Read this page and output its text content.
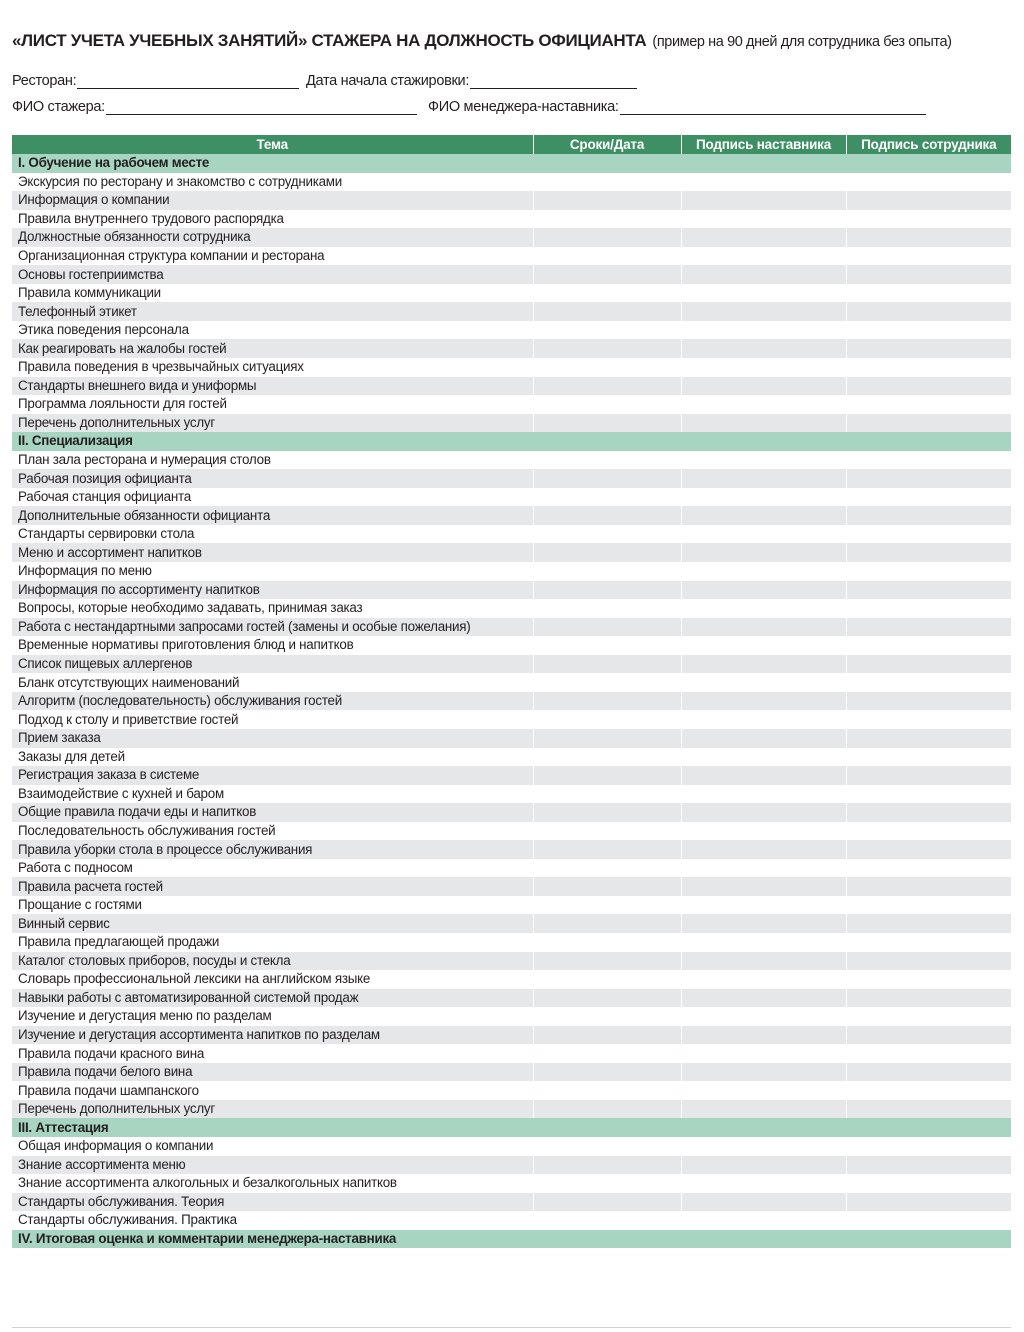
«ЛИСТ УЧЕТА УЧЕБНЫХ ЗАНЯТИЙ» СТАЖЕРА НА ДОЛЖНОСТЬ ОФИЦИАНТА (пример на 90 дней для сотрудника без опыта)
Ресторан:	Дата начала стажировки:
ФИО стажера:	ФИО менеджера-наставника:
Тема	Сроки/Дата	Подпись наставника	Подпись сотрудника
I. Обучение на рабочем месте			
Экскурсия по ресторану и знакомство с сотрудниками			
Информация о компании			
Правила внутреннего трудового распорядка			
Должностные обязанности сотрудника			
Организационная структура компании и ресторана			
Основы гостеприимства			
Правила коммуникации			
Телефонный этикет			
Этика поведения персонала			
Как реагировать на жалобы гостей			
Правила поведения в чрезвычайных ситуациях			
Стандарты внешнего вида и униформы			
Программа лояльности для гостей			
Перечень дополнительных услуг			
II. Специализация			
План зала ресторана и нумерация столов			
Рабочая позиция официанта			
Рабочая станция официанта			
Дополнительные обязанности официанта			
Стандарты сервировки стола			
Меню и ассортимент напитков			
Информация по меню			
Информация по ассортименту напитков			
Вопросы, которые необходимо задавать, принимая заказ			
Работа с нестандартными запросами гостей (замены и особые пожелания)			
Временные нормативы приготовления блюд и напитков			
Список пищевых аллергенов			
Бланк отсутствующих наименований			
Алгоритм (последовательность) обслуживания гостей			
Подход к столу и приветствие гостей			
Прием заказа			
Заказы для детей			
Регистрация заказа в системе			
Взаимодействие с кухней и баром			
Общие правила подачи еды и напитков			
Последовательность обслуживания гостей			
Правила уборки стола в процессе обслуживания			
Работа с подносом			
Правила расчета гостей			
Прощание с гостями			
Винный сервис			
Правила предлагающей продажи			
Каталог столовых приборов, посуды и стекла			
Словарь профессиональной лексики на английском языке			
Навыки работы с автоматизированной системой продаж			
Изучение и дегустация меню по разделам			
Изучение и дегустация ассортимента напитков по разделам			
Правила подачи красного вина			
Правила подачи белого вина			
Правила подачи шампанского			
Перечень дополнительных услуг			
III. Аттестация			
Общая информация о компании			
Знание ассортимента меню			
Знание ассортимента алкогольных и безалкогольных напитков			
Стандарты обслуживания. Теория			
Стандарты обслуживания. Практика			
IV. Итоговая оценка и комментарии менеджера-наставника			
